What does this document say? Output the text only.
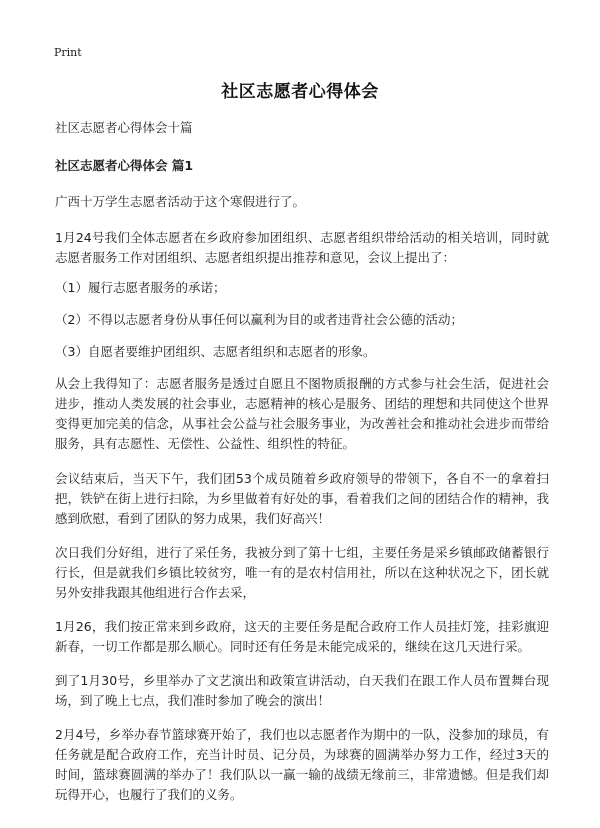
Print
社区志愿者心得体会

社区志愿者心得体会十篇

社区志愿者心得体会 篇1

广西十万学生志愿者活动于这个寒假进行了。

1月24号我们全体志愿者在乡政府参加团组织、志愿者组织带给活动的相关培训，同时就志愿者服务工作对团组织、志愿者组织提出推荐和意见，会议上提出了：

（1）履行志愿者服务的承诺；

（2）不得以志愿者身份从事任何以赢利为目的或者违背社会公德的活动；

（3）自愿者要维护团组织、志愿者组织和志愿者的形象。

从会上我得知了：志愿者服务是透过自愿且不图物质报酬的方式参与社会生活，促进社会进步，推动人类发展的社会事业，志愿精神的核心是服务、团结的理想和共同使这个世界变得更加完美的信念，从事社会公益与社会服务事业，为改善社会和推动社会进步而带给服务，具有志愿性、无偿性、公益性、组织性的特征。

会议结束后，当天下午，我们团53个成员随着乡政府领导的带领下，各自不一的拿着扫把，铁铲在街上进行扫除，为乡里做着有好处的事，看着我们之间的团结合作的精神，我感到欣慰，看到了团队的努力成果，我们好高兴！

次日我们分好组，进行了采任务，我被分到了第十七组，主要任务是采乡镇邮政储蓄银行行长，但是就我们乡镇比较贫穷，唯一有的是农村信用社，所以在这种状况之下，团长就另外安排我跟其他组进行合作去采，

1月26，我们按正常来到乡政府，这天的主要任务是配合政府工作人员挂灯笼，挂彩旗迎新春，一切工作都是那么顺心。同时还有任务是未能完成采的，继续在这几天进行采。

到了1月30号，乡里举办了文艺演出和政策宣讲活动，白天我们在跟工作人员布置舞台现场，到了晚上七点，我们准时参加了晚会的演出！

2月4号，乡举办春节篮球赛开始了，我们也以志愿者作为期中的一队，没参加的球员，有任务就是配合政府工作，充当计时员、记分员，为球赛的圆满举办努力工作，经过3天的时间，篮球赛圆满的举办了！我们队以一赢一输的战绩无缘前三，非常遗憾。但是我们却玩得开心，也履行了我们的义务。
